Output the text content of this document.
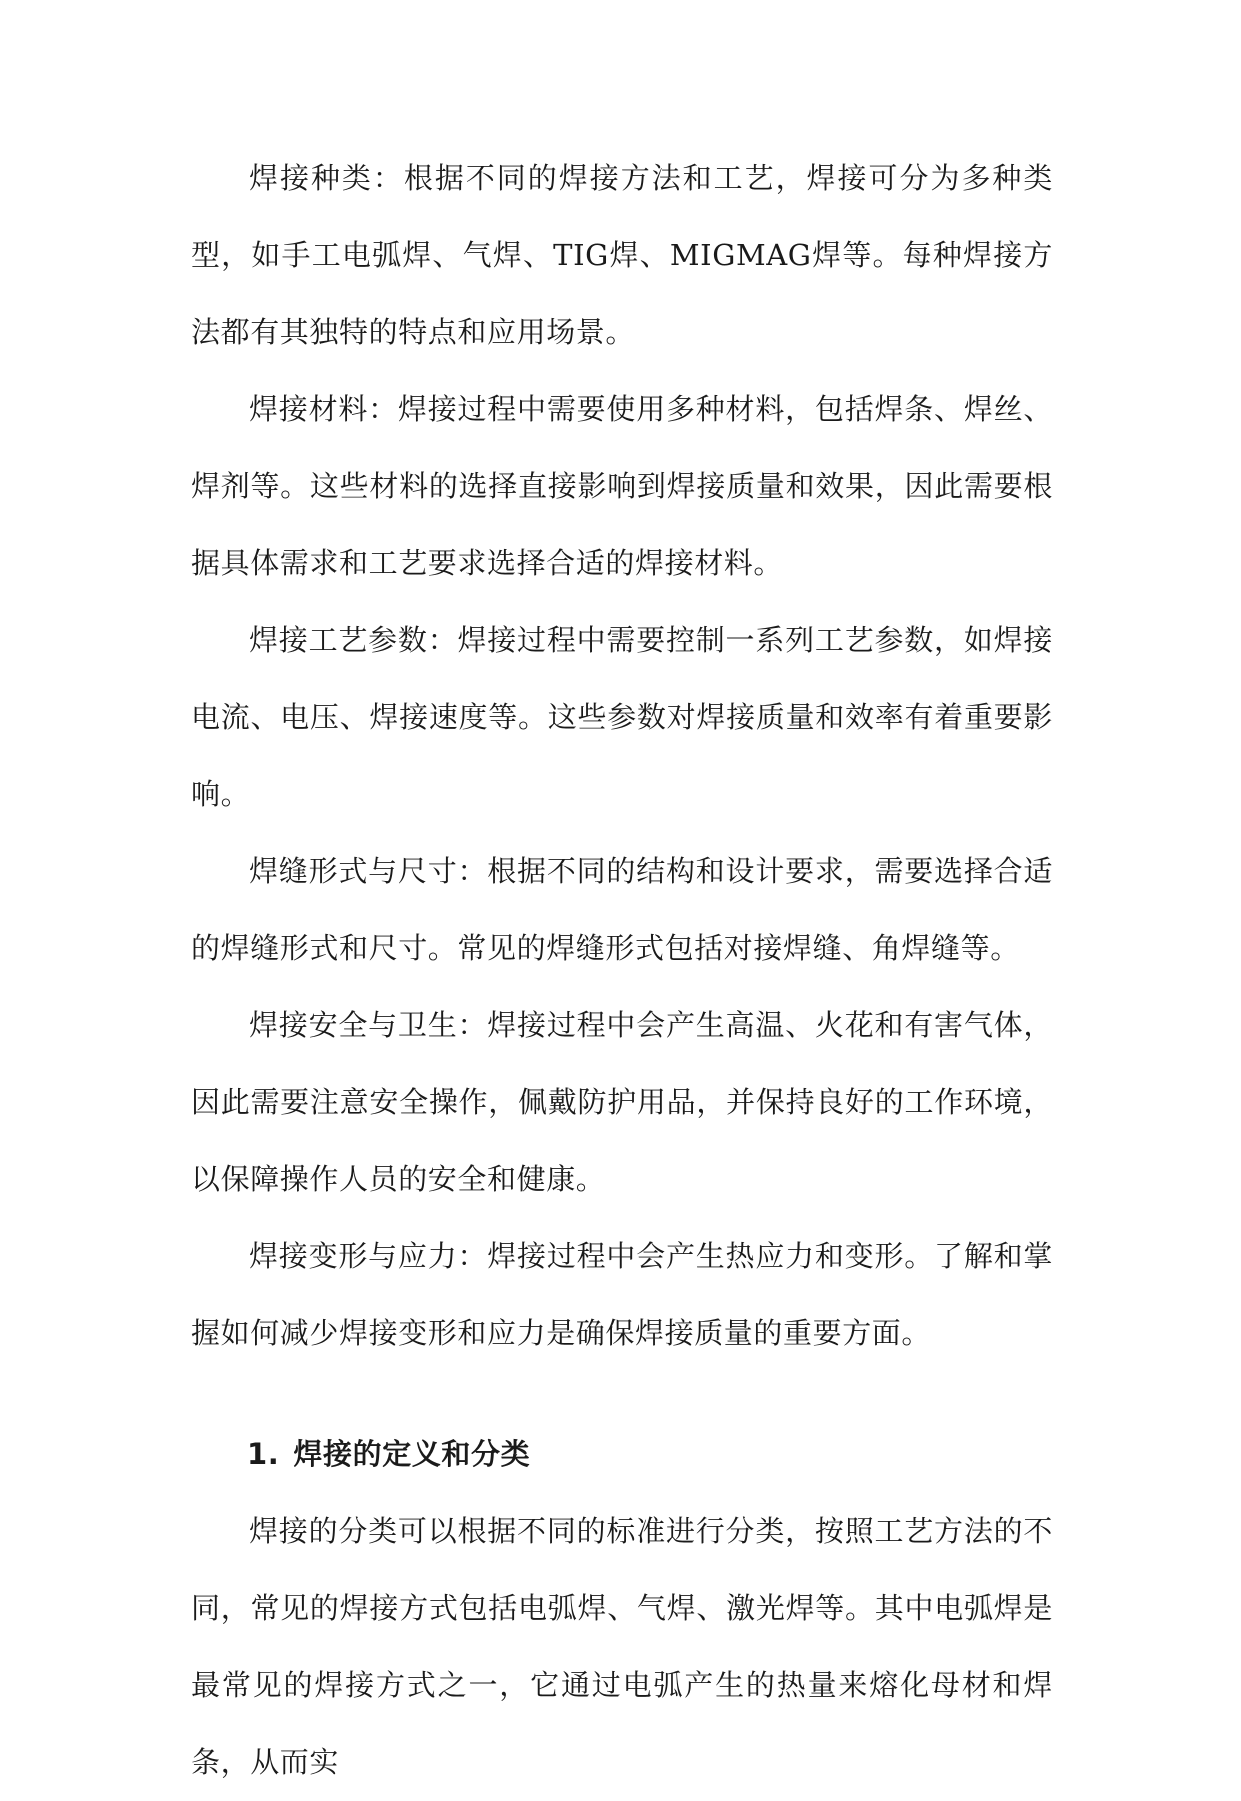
焊接种类：根据不同的焊接方法和工艺，焊接可分为多种类型，如手工电弧焊、气焊、TIG焊、MIGMAG焊等。每种焊接方法都有其独特的特点和应用场景。

焊接材料：焊接过程中需要使用多种材料，包括焊条、焊丝、焊剂等。这些材料的选择直接影响到焊接质量和效果，因此需要根据具体需求和工艺要求选择合适的焊接材料。

焊接工艺参数：焊接过程中需要控制一系列工艺参数，如焊接电流、电压、焊接速度等。这些参数对焊接质量和效率有着重要影响。

焊缝形式与尺寸：根据不同的结构和设计要求，需要选择合适的焊缝形式和尺寸。常见的焊缝形式包括对接焊缝、角焊缝等。

焊接安全与卫生：焊接过程中会产生高温、火花和有害气体，因此需要注意安全操作，佩戴防护用品，并保持良好的工作环境，以保障操作人员的安全和健康。

焊接变形与应力：焊接过程中会产生热应力和变形。了解和掌握如何减少焊接变形和应力是确保焊接质量的重要方面。

1. 焊接的定义和分类

焊接的分类可以根据不同的标准进行分类，按照工艺方法的不同，常见的焊接方式包括电弧焊、气焊、激光焊等。其中电弧焊是最常见的焊接方式之一，它通过电弧产生的热量来熔化母材和焊条，从而实
